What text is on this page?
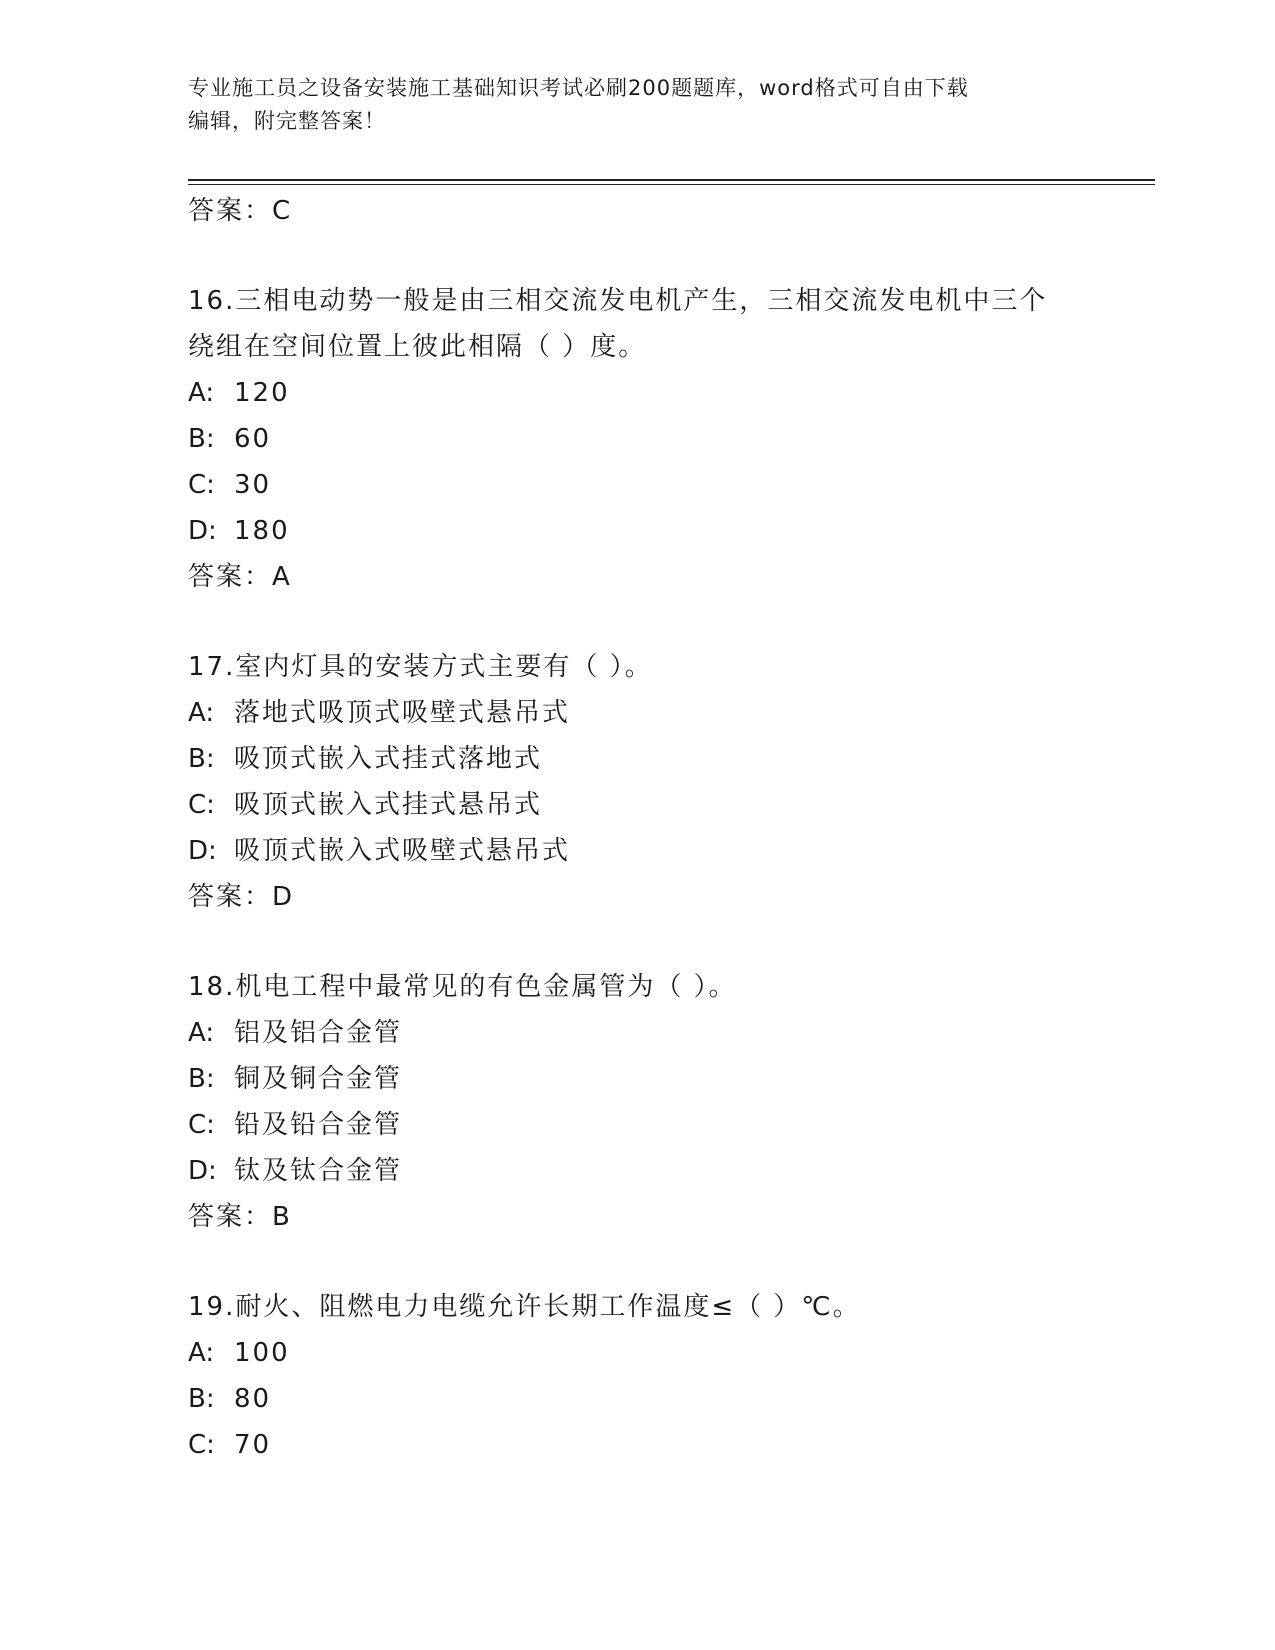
专业施工员之设备安装施工基础知识考试必刷200题题库，word格式可自由下载
编辑，附完整答案！
答案：C
16.三相电动势一般是由三相交流发电机产生，三相交流发电机中三个
绕组在空间位置上彼此相隔（ ）度。
A: 120
B: 60
C: 30
D: 180
答案：A
17.室内灯具的安装方式主要有（ ）。
A: 落地式吸顶式吸壁式悬吊式
B: 吸顶式嵌入式挂式落地式
C: 吸顶式嵌入式挂式悬吊式
D: 吸顶式嵌入式吸壁式悬吊式
答案：D
18.机电工程中最常见的有色金属管为（ ）。
A: 铝及铝合金管
B: 铜及铜合金管
C: 铅及铅合金管
D: 钛及钛合金管
答案：B
19.耐火、阻燃电力电缆允许长期工作温度≤（ ）℃。
A: 100
B: 80
C: 70
